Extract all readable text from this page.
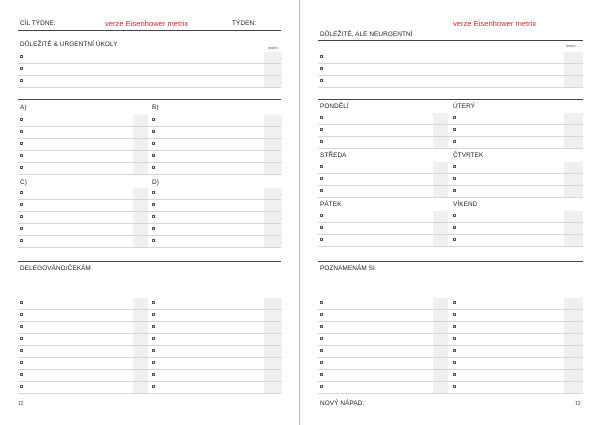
CÍL TÝDNE:	verze Eisenhower metrix	TÝDEN:
DŮLEŽITÉ & URGENTNÍ ÚKOLY	index
A)	B)
C)	D)
DELEGOVÁNO/ČEKÁM
12
verze Eisenhower metrix
DŮLEŽITÉ, ALE NEURGENTNÍ
index
PONDĚLÍ	ÚTERÝ
STŘEDA	ČTVRTEK
PÁTEK	VÍKEND
POZNAMENÁM SI
NOVÝ NÁPAD:	13
